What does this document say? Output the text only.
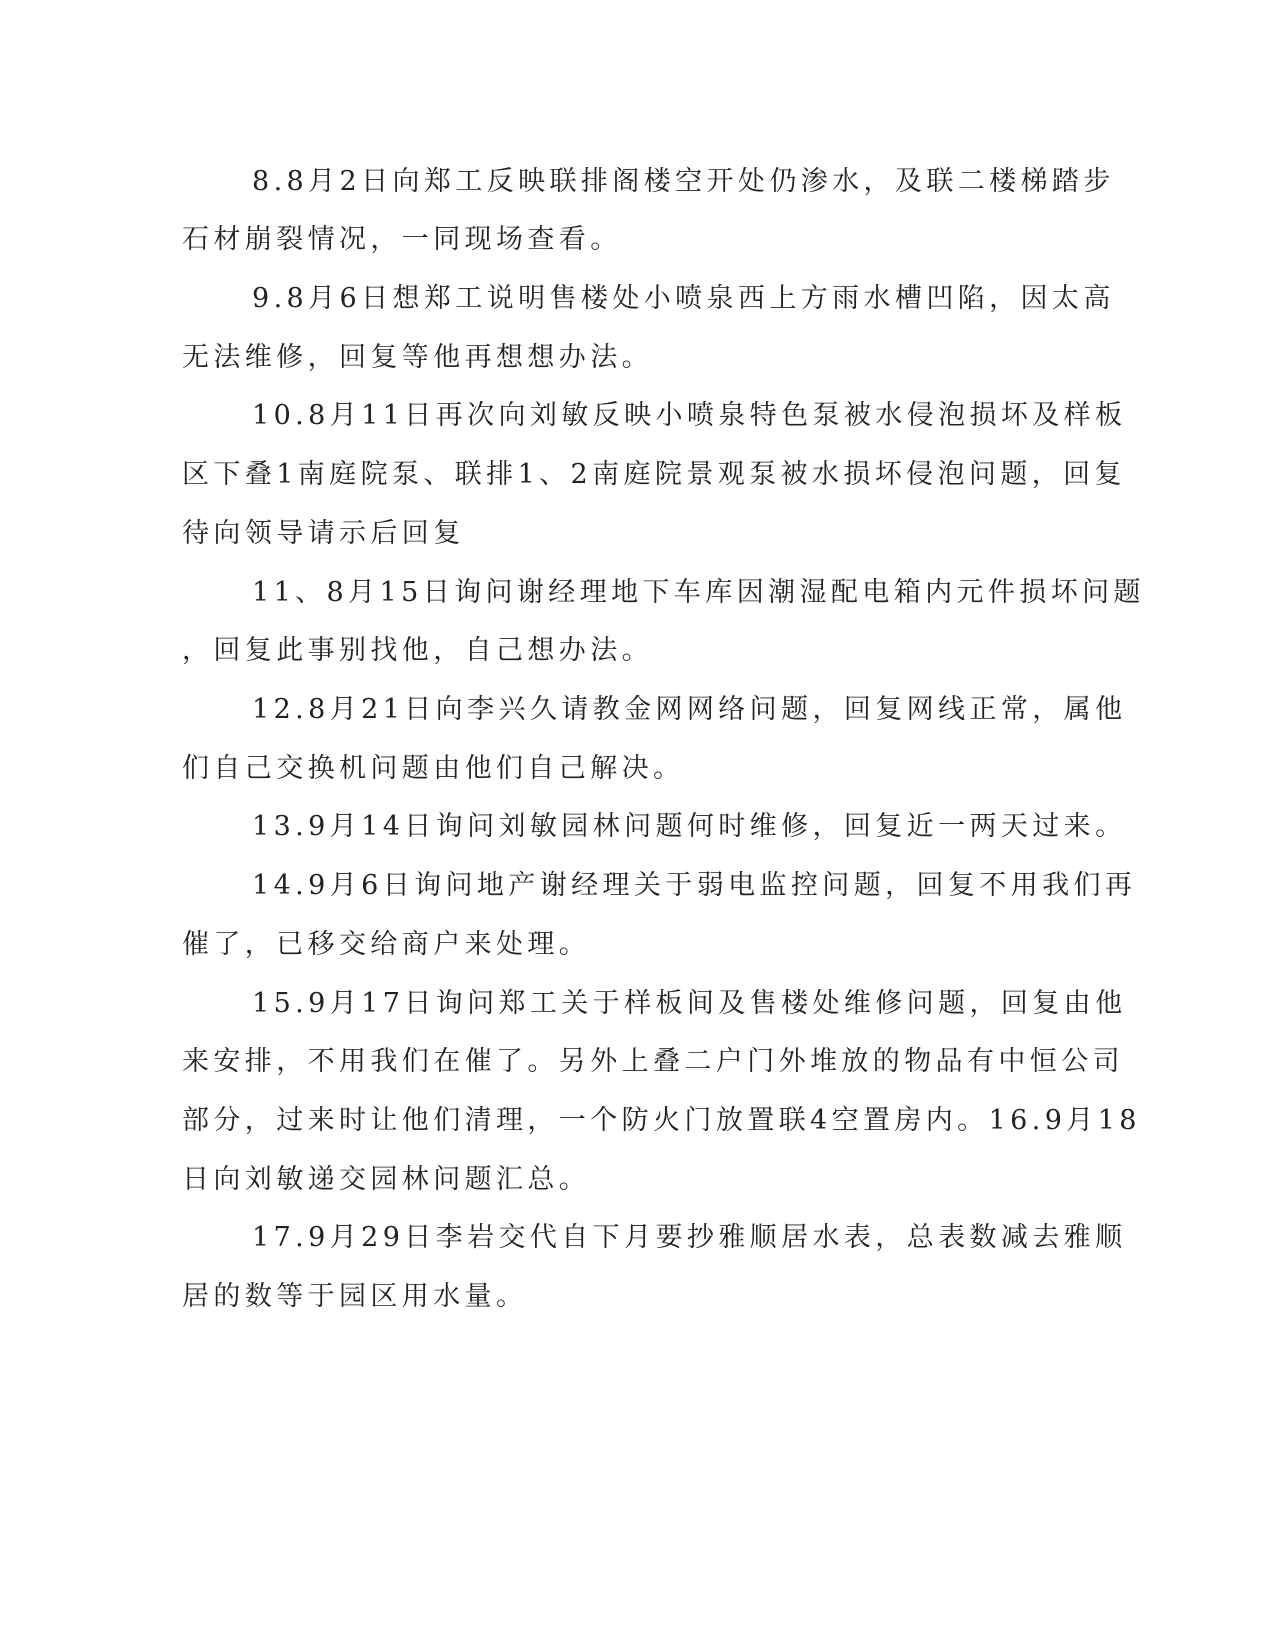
8.8月2日向郑工反映联排阁楼空开处仍渗水，及联二楼梯踏步

石材崩裂情况，一同现场查看。

9.8月6日想郑工说明售楼处小喷泉西上方雨水槽凹陷，因太高

无法维修，回复等他再想想办法。

10.8月11日再次向刘敏反映小喷泉特色泵被水侵泡损坏及样板

区下叠1南庭院泵、联排1、2南庭院景观泵被水损坏侵泡问题，回复

待向领导请示后回复

11、8月15日询问谢经理地下车库因潮湿配电箱内元件损坏问题

，回复此事别找他，自己想办法。

12.8月21日向李兴久请教金网网络问题，回复网线正常，属他

们自己交换机问题由他们自己解决。

13.9月14日询问刘敏园林问题何时维修，回复近一两天过来。

14.9月6日询问地产谢经理关于弱电监控问题，回复不用我们再

催了，已移交给商户来处理。

15.9月17日询问郑工关于样板间及售楼处维修问题，回复由他

来安排，不用我们在催了。另外上叠二户门外堆放的物品有中恒公司

部分，过来时让他们清理，一个防火门放置联4空置房内。16.9月18

日向刘敏递交园林问题汇总。

17.9月29日李岩交代自下月要抄雅顺居水表，总表数减去雅顺

居的数等于园区用水量。
